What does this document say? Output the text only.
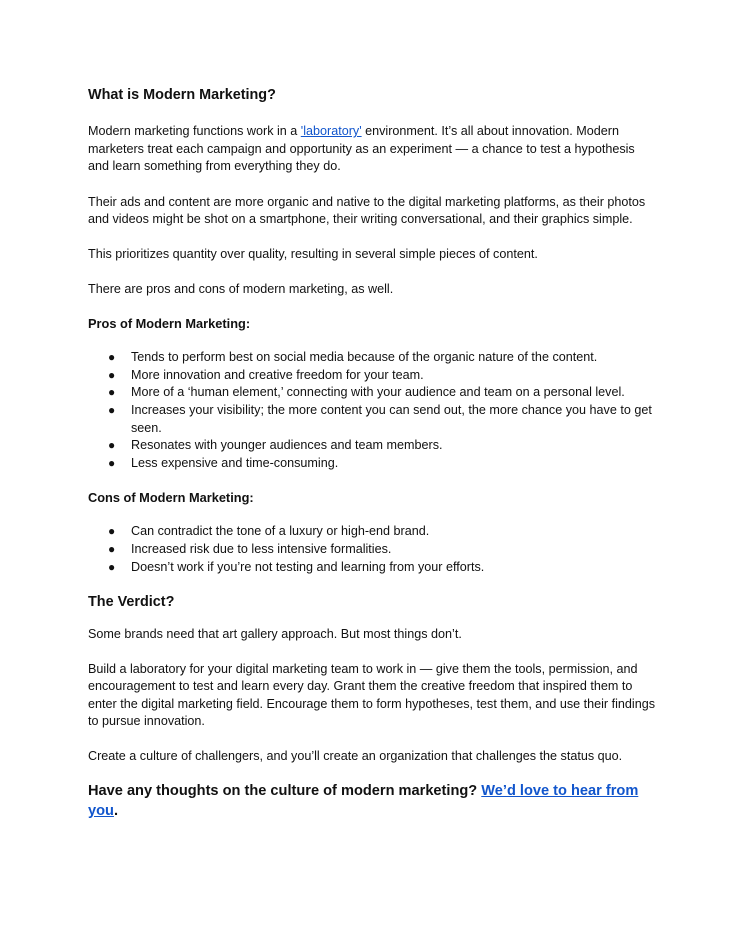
What is Modern Marketing?

Modern marketing functions work in a 'laboratory' environment. It’s all about innovation. Modern marketers treat each campaign and opportunity as an experiment — a chance to test a hypothesis and learn something from everything they do.

Their ads and content are more organic and native to the digital marketing platforms, as their photos and videos might be shot on a smartphone, their writing conversational, and their graphics simple.

This prioritizes quantity over quality, resulting in several simple pieces of content.

There are pros and cons of modern marketing, as well.

Pros of Modern Marketing:
● Tends to perform best on social media because of the organic nature of the content.
● More innovation and creative freedom for your team.
● More of a ‘human element,’ connecting with your audience and team on a personal level.
● Increases your visibility; the more content you can send out, the more chance you have to get seen.
● Resonates with younger audiences and team members.
● Less expensive and time-consuming.
Cons of Modern Marketing:
● Can contradict the tone of a luxury or high-end brand.
● Increased risk due to less intensive formalities.
● Doesn’t work if you’re not testing and learning from your efforts.
The Verdict?

Some brands need that art gallery approach. But most things don’t.

Build a laboratory for your digital marketing team to work in — give them the tools, permission, and encouragement to test and learn every day. Grant them the creative freedom that inspired them to enter the digital marketing field. Encourage them to form hypotheses, test them, and use their findings to pursue innovation.

Create a culture of challengers, and you’ll create an organization that challenges the status quo.

Have any thoughts on the culture of modern marketing? We’d love to hear from you.
